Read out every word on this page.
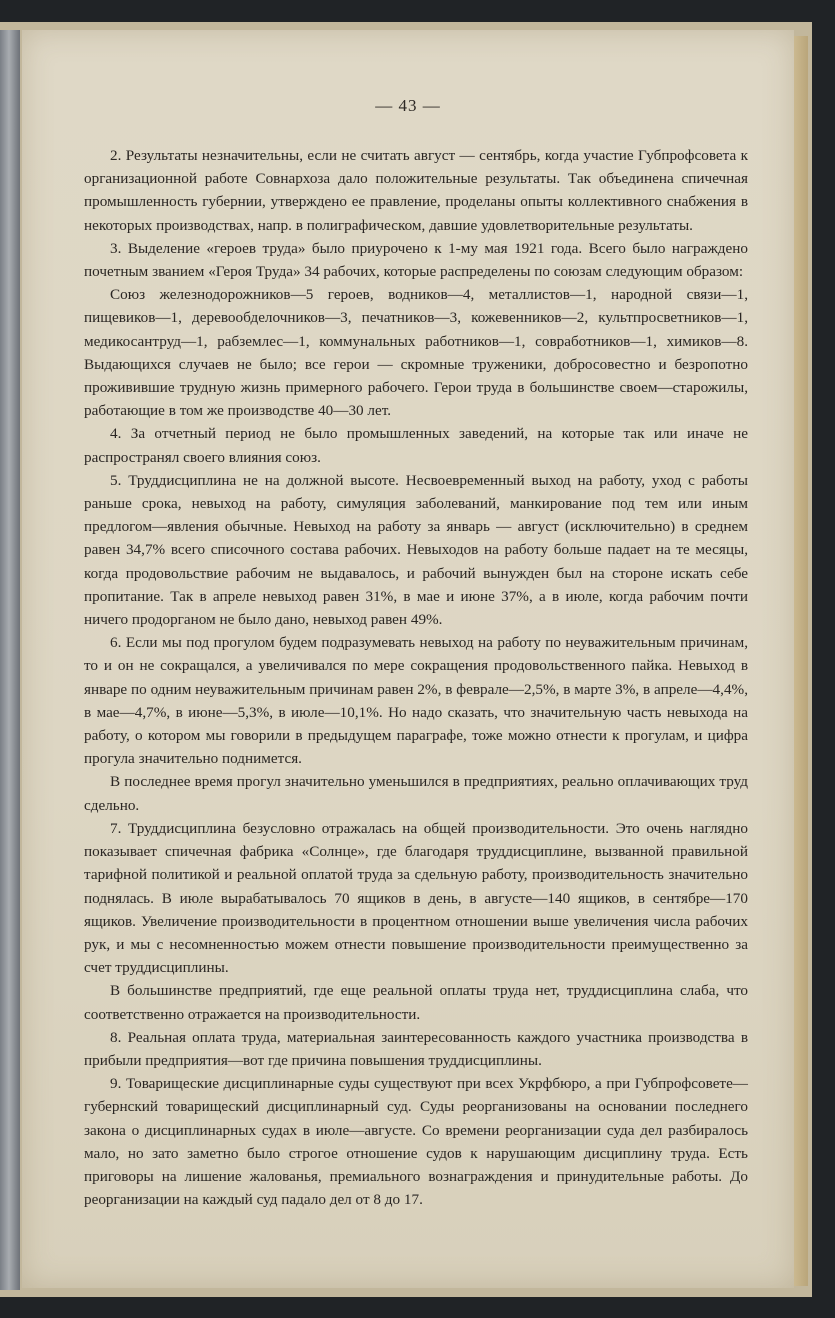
— 43 —

2. Результаты незначительны, если не считать август — сентябрь, когда участие Губпрофсовета к организационной работе Совнархоза дало положительные результаты. Так объединена спичечная промышленность губернии, утверждено ее правление, проделаны опыты коллективного снабжения в некоторых производствах, напр. в полиграфическом, давшие удовлетворительные результаты.

3. Выделение «героев труда» было приурочено к 1-му мая 1921 года. Всего было награждено почетным званием «Героя Труда» 34 рабочих, которые распределены по союзам следующим образом:

Союз железнодорожников—5 героев, водников—4, металлистов—1, народной связи—1, пищевиков—1, деревообделочников—3, печатников—3, кожевенников—2, культпросветников—1, медикосантруд—1, рабземлес—1, коммунальных работников—1, совработников—1, химиков—8. Выдающихся случаев не было; все герои — скромные труженики, добросовестно и безропотно проживившие трудную жизнь примерного рабочего. Герои труда в большинстве своем—старожилы, работающие в том же производстве 40—30 лет.

4. За отчетный период не было промышленных заведений, на которые так или иначе не распространял своего влияния союз.

5. Труддисциплина не на должной высоте. Несвоевременный выход на работу, уход с работы раньше срока, невыход на работу, симуляция заболеваний, манкирование под тем или иным предлогом—явления обычные. Невыход на работу за январь — август (исключительно) в среднем равен 34,7% всего списочного состава рабочих. Невыходов на работу больше падает на те месяцы, когда продовольствие рабочим не выдавалось, и рабочий вынужден был на стороне искать себе пропитание. Так в апреле невыход равен 31%, в мае и июне 37%, а в июле, когда рабочим почти ничего продорганом не было дано, невыход равен 49%.

6. Если мы под прогулом будем подразумевать невыход на работу по неуважительным причинам, то и он не сокращался, а увеличивался по мере сокращения продовольственного пайка. Невыход в январе по одним неуважительным причинам равен 2%, в феврале—2,5%, в марте 3%, в апреле—4,4%, в мае—4,7%, в июне—5,3%, в июле—10,1%. Но надо сказать, что значительную часть невыхода на работу, о котором мы говорили в предыдущем параграфе, тоже можно отнести к прогулам, и цифра прогула значительно поднимется.

В последнее время прогул значительно уменьшился в предприятиях, реально оплачивающих труд сдельно.

7. Труддисциплина безусловно отражалась на общей производительности. Это очень наглядно показывает спичечная фабрика «Солнце», где благодаря труддисциплине, вызванной правильной тарифной политикой и реальной оплатой труда за сдельную работу, производительность значительно поднялась. В июле вырабатывалось 70 ящиков в день, в августе—140 ящиков, в сентябре—170 ящиков. Увеличение производительности в процентном отношении выше увеличения числа рабочих рук, и мы с несомненностью можем отнести повышение производительности преимущественно за счет труддисциплины.

В большинстве предприятий, где еще реальной оплаты труда нет, труддисциплина слаба, что соответственно отражается на производительности.

8. Реальная оплата труда, материальная заинтересованность каждого участника производства в прибыли предприятия—вот где причина повышения труддисциплины.

9. Товарищеские дисциплинарные суды существуют при всех Укрфбюро, а при Губпрофсовете—губернский товарищеский дисциплинарный суд. Суды реорганизованы на основании последнего закона о дисциплинарных судах в июле—августе. Со времени реорганизации суда дел разбиралось мало, но зато заметно было строгое отношение судов к нарушающим дисциплину труда. Есть приговоры на лишение жалованья, премиального вознаграждения и принудительные работы. До реорганизации на каждый суд падало дел от 8 до 17.
